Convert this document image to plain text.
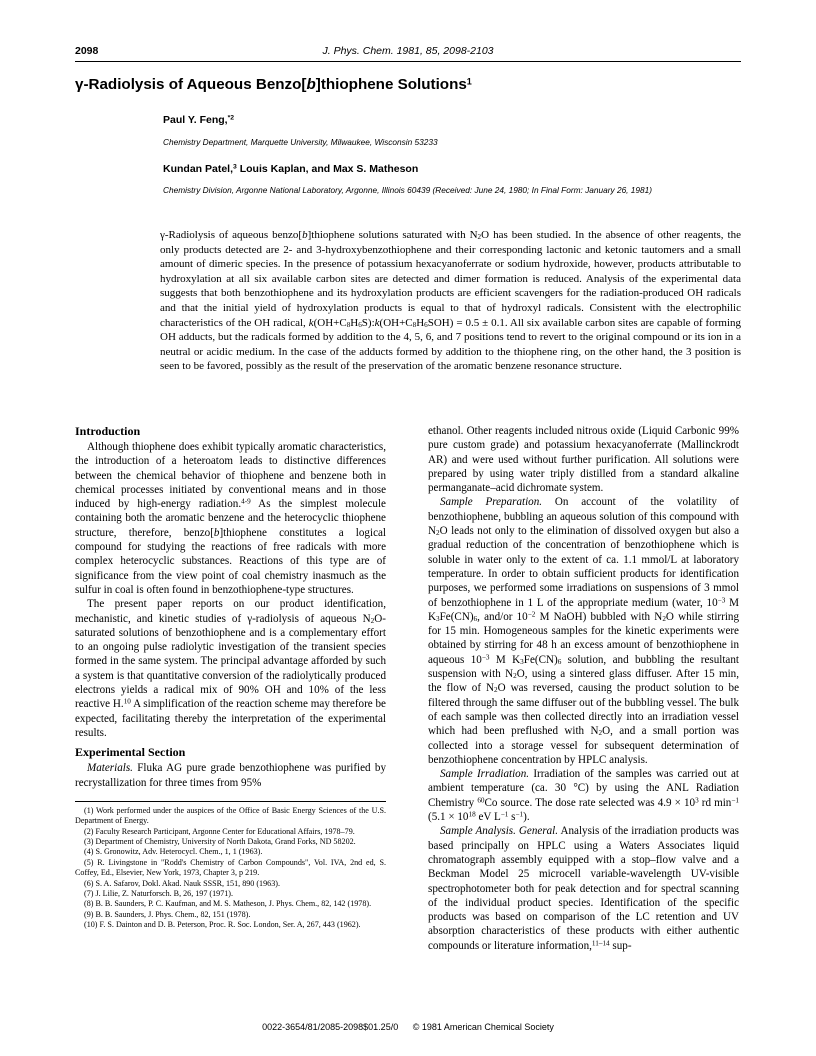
2098	J. Phys. Chem. 1981, 85, 2098-2103
γ-Radiolysis of Aqueous Benzo[b]thiophene Solutions$^1$
Paul Y. Feng,$^{*2}$
Chemistry Department, Marquette University, Milwaukee, Wisconsin 53233
Kundan Patel,$^3$ Louis Kaplan, and Max S. Matheson
Chemistry Division, Argonne National Laboratory, Argonne, Illinois 60439 (Received: June 24, 1980; In Final Form: January 26, 1981)

γ-Radiolysis of aqueous benzo[b]thiophene solutions saturated with $N_2O$ has been studied. In the absence of other reagents, the only products detected are 2- and 3-hydroxybenzothiophene and their corresponding lactonic and ketonic tautomers and a small amount of dimeric species. In the presence of potassium hexacyanoferrate or sodium hydroxide, however, products attributable to hydroxylation at all six available carbon sites are detected and dimer formation is reduced. Analysis of the experimental data suggests that both benzothiophene and its hydroxylation products are efficient scavengers for the radiation-produced OH radicals and that the initial yield of hydroxylation products is equal to that of hydroxyl radicals. Consistent with the electrophilic characteristics of the OH radical, $k(OH+C_8H_6S):k(OH+C_8H_6SOH) = 0.5 \pm 0.1$. All six available carbon sites are capable of forming OH adducts, but the radicals formed by addition to the 4, 5, 6, and 7 positions tend to revert to the original compound or its ion in a neutral or acidic medium. In the case of the adducts formed by addition to the thiophene ring, on the other hand, the 3 position is seen to be favored, possibly as the result of the preservation of the aromatic benzene resonance structure.

Introduction

Although thiophene does exhibit typically aromatic characteristics, the introduction of a heteroatom leads to distinctive differences between the chemical behavior of thiophene and benzene both in chemical processes initiated by conventional means and in those induced by high-energy radiation.$^{4-9}$ As the simplest molecule containing both the aromatic benzene and the heterocyclic thiophene structure, therefore, benzo[b]thiophene constitutes a logical compound for studying the reactions of free radicals with more complex heterocyclic substances. Reactions of this type are of significance from the view point of coal chemistry inasmuch as the sulfur in coal is often found in benzothiophene-type structures.

The present paper reports on our product identification, mechanistic, and kinetic studies of γ-radiolysis of aqueous $N_2O$-saturated solutions of benzothiophene and is a complementary effort to an ongoing pulse radiolytic investigation of the transient species formed in the same system. The principal advantage afforded by such a system is that quantitative conversion of the radiolytically produced electrons yields a radical mix of 90% OH and 10% of the less reactive H.$^{10}$ A simplification of the reaction scheme may therefore be expected, facilitating thereby the interpretation of the experimental results.

Experimental Section

Materials. Fluka AG pure grade benzothiophene was purified by recrystallization for three times from 95%

(1) Work performed under the auspices of the Office of Basic Energy Sciences of the U.S. Department of Energy.

(2) Faculty Research Participant, Argonne Center for Educational Affairs, 1978–79.

(3) Department of Chemistry, University of North Dakota, Grand Forks, ND 58202.

(4) S. Gronowitz, Adv. Heterocycl. Chem., 1, 1 (1963).

(5) R. Livingstone in "Rodd's Chemistry of Carbon Compounds", Vol. IVA, 2nd ed, S. Coffey, Ed., Elsevier, New York, 1973, Chapter 3, p 219.

(6) S. A. Safarov, Dokl. Akad. Nauk SSSR, 151, 890 (1963).

(7) J. Lilie, Z. Naturforsch. B, 26, 197 (1971).

(8) B. B. Saunders, P. C. Kaufman, and M. S. Matheson, J. Phys. Chem., 82, 142 (1978).

(9) B. B. Saunders, J. Phys. Chem., 82, 151 (1978).

(10) F. S. Dainton and D. B. Peterson, Proc. R. Soc. London, Ser. A, 267, 443 (1962).

ethanol. Other reagents included nitrous oxide (Liquid Carbonic 99% pure custom grade) and potassium hexacyanoferrate (Mallinckrodt AR) and were used without further purification. All solutions were prepared by using water triply distilled from a standard alkaline permanganate–acid dichromate system.

Sample Preparation. On account of the volatility of benzothiophene, bubbling an aqueous solution of this compound with $N_2O$ leads not only to the elimination of dissolved oxygen but also a gradual reduction of the concentration of benzothiophene which is soluble in water only to the extent of ca. 1.1 mmol/L at laboratory temperature. In order to obtain sufficient products for identification purposes, we performed some irradiations on suspensions of 3 mmol of benzothiophene in 1 L of the appropriate medium (water, $10^{-3}$ M $K_3Fe(CN)_6$, and/or $10^{-2}$ M NaOH) bubbled with $N_2O$ while stirring for 15 min. Homogeneous samples for the kinetic experiments were obtained by stirring for 48 h an excess amount of benzothiophene in aqueous $10^{-3}$ M $K_3Fe(CN)_6$ solution, and bubbling the resultant suspension with $N_2O$, using a sintered glass diffuser. After 15 min, the flow of $N_2O$ was reversed, causing the product solution to be filtered through the same diffuser out of the bubbling vessel. The bulk of each sample was then collected directly into an irradiation vessel which had been preflushed with $N_2O$, and a small portion was collected into a storage vessel for subsequent determination of benzothiophene concentration by HPLC analysis.

Sample Irradiation. Irradiation of the samples was carried out at ambient temperature (ca. 30 °C) by using the ANL Radiation Chemistry $^{60}$Co source. The dose rate selected was $4.9 \times 10^3$ rd $\min^{-1} (5.1 \times 10^{18}$ eV $L^{-1}$ $s^{-1}$).

Sample Analysis. General. Analysis of the irradiation products was based principally on HPLC using a Waters Associates liquid chromatograph assembly equipped with a stop–flow valve and a Beckman Model 25 microcell variable-wavelength UV-visible spectrophotometer both for peak detection and for spectral scanning of the individual product species. Identification of the specific products was based on comparison of the LC retention and UV absorption characteristics of these products with either authentic compounds or literature information,$^{11-14}$ sup-

0022-3654/81/2085-2098$01.25/0 © 1981 American Chemical Society
